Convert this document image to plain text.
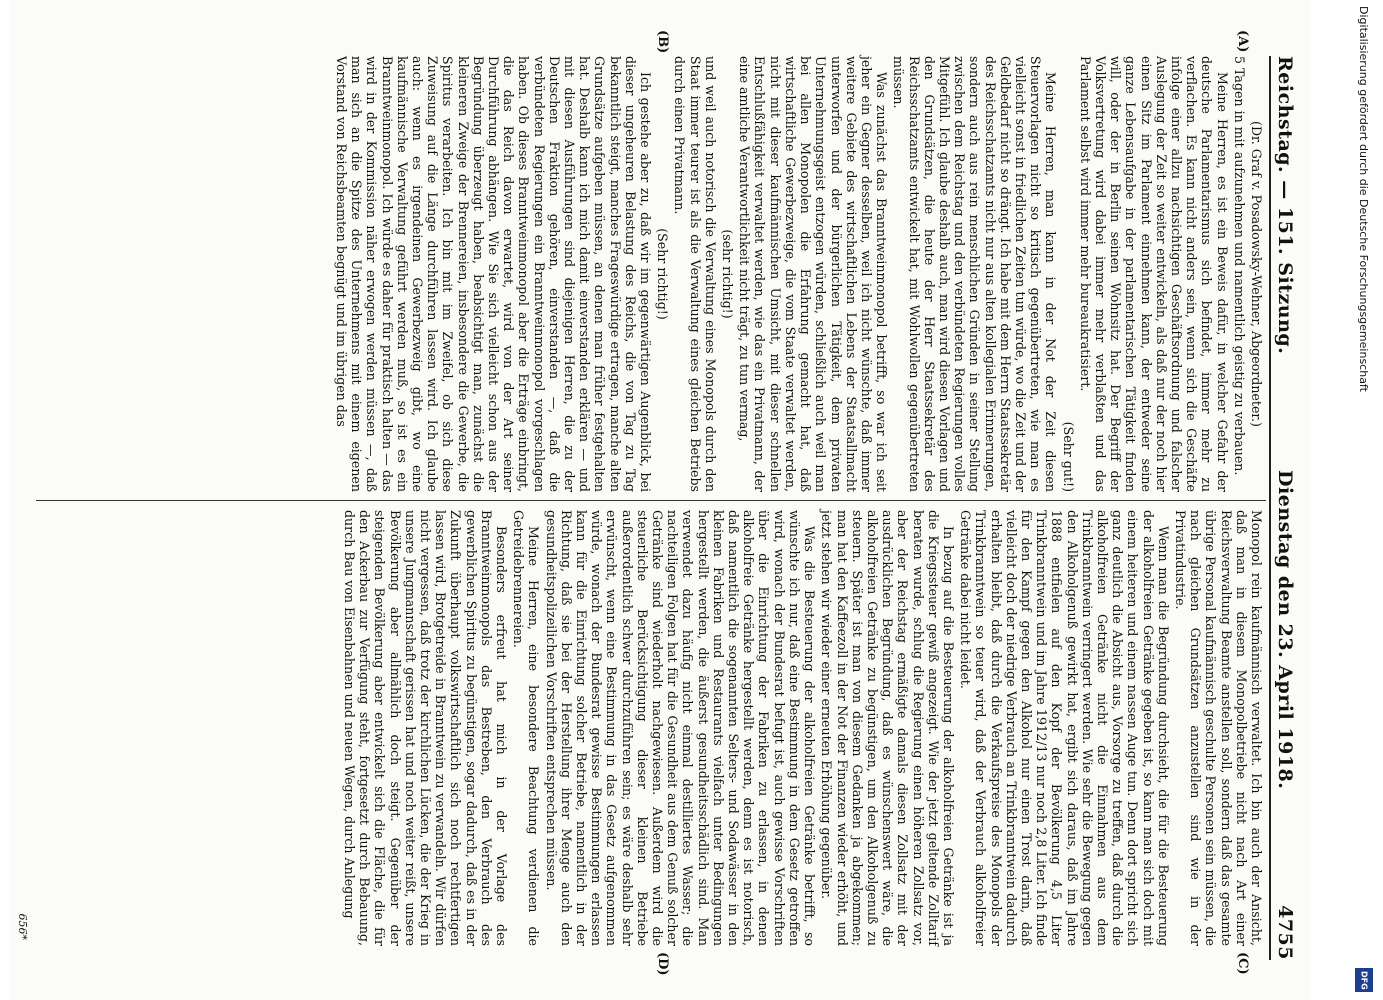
Reichstag. — 151. Sitzung.
Dienstag den 23. April 1918.
4755
(A)
(B)
(C)
(D)

(Dr. Graf v. Posadowsky-Wehner, Abgeordneter.)

5 Tagen in mit aufzunehmen und namentlich geistig zu verbauen.

Meine Herren, es ist ein Beweis dafür, in welcher Gefahr der deutsche Parlamentarismus sich befindet, immer mehr zu verflachen. Es kann nicht anders sein, wenn sich die Geschäfte infolge einer allzu nachsichtigen Geschäftsordnung und falscher Auslegung der Zeit so weiter entwickeln, als daß nur der noch hier einen Sitz im Parlament einnehmen kann, der entweder seine ganze Lebensaufgabe in der parlamentarischen Tätigkeit finden will, oder der in Berlin seinen Wohnsitz hat. Der Begriff der Volksvertretung wird dabei immer mehr verblaßten und das Parlament selbst wird immer mehr bureaukratisiert.

(Sehr gut!)

Meine Herren, man kann in der Not der Zeit diesen Steuervorlagen nicht so kritisch gegenübertreten, wie man es vielleicht sonst in friedlichen Zeiten tun würde, wo die Zeit und der Geldbedarf nicht so drängt. Ich habe mit dem Herrn Staatssekretär des Reichsschatzamts nicht nur aus alten kollegialen Erinnerungen, sondern auch aus rein menschlichen Gründen in seiner Stellung zwischen dem Reichstag und den verbündeten Regierungen volles Mitgefühl. Ich glaube deshalb auch, man wird diesen Vorlagen und den Grundsätzen, die heute der Herr Staatssekretär des Reichsschatzamts entwickelt hat, mit Wohlwollen gegenübertreten müssen.

Was zunächst das Branntweinmonopol betrifft, so war ich seit jeher ein Gegner desselben, weil ich nicht wünschte, daß immer weitere Gebiete des wirtschaftlichen Lebens der Staatsallmacht unterworfen und der bürgerlichen Tätigkeit, dem privaten Unternehmungsgeist entzogen würden, schließlich auch weil man bei allen Monopolen die Erfahrung gemacht hat, daß wirtschaftliche Gewerbezweige, die vom Staate verwaltet werden, nicht mit dieser kaufmännischen Umsicht, mit dieser schnellen Entschlußfähigkeit verwaltet werden, wie das ein Privatmann, der eine amtliche Verantwortlichkeit nicht trägt, zu tun vermag,

(sehr richtig!)

und weil auch notorisch die Verwaltung eines Monopols durch den Staat immer teurer ist als die Verwaltung eines gleichen Betriebs durch einen Privatmann.

(Sehr richtig!)

Ich gestehe aber zu, daß wir im gegenwärtigen Augenblick, bei dieser ungeheuren Belastung des Reichs, die von Tag zu Tag bekanntlich steigt, manches Frageswürdige ertragen, manche alten Grundsätze aufgeben müssen, an denen man früher festgehalten hat. Deshalb kann ich mich damit einverstanden erklären — und mit diesen Ausführungen sind diejenigen Herren, die zu der Deutschen Fraktion gehören, einverstanden —, daß die verbündeten Regierungen ein Branntweinmonopol vorgeschlagen haben. Ob dieses Branntweinmonopol aber die Erträge einbringt, die das Reich davon erwartet, wird von der Art seiner Durchführung abhängen. Wie Sie sich vielleicht schon aus der Begründung überzeugt haben, beabsichtigt man, zunächst die kleineren Zweige der Brennereien, insbesondere die Gewerbe, die Spiritus verarbeiten. Ich bin mit im Zweifel, ob sich diese Zuweisung auf die Länge durchführen lassen wird. Ich glaube auch: wenn es irgendeinen Gewerbezweig gibt, wo eine kaufmännische Verwaltung geführt werden muß, so ist es ein Branntweinmonopol. Ich würde es daher für praktisch halten — das wird in der Kommission näher erwogen werden müssen —, daß man sich an die Spitze des Unternehmens mit einem eigenen Vorstand von Reichsbeamten begnügt und im übrigen das

Monopol rein kaufmännisch verwaltet. Ich bin auch der Ansicht, daß man in diesem Monopolbetriebe nicht nach Art einer Reichsverwaltung Beamte anstellen soll, sondern daß das gesamte übrige Personal kaufmännisch geschulte Personen sein müssen, die nach gleichen Grundsätzen anzustellen sind wie in der Privatindustrie.

Wenn man die Begründung durchsieht, die für die Besteuerung der alkoholfreien Getränke gegeben ist, so kann man sich doch mit einem heiteren und einem nassen Auge tun. Denn dort spricht sich ganz deutlich die Absicht aus, Vorsorge zu treffen, daß durch die alkoholfreien Getränke nicht die Einnahmen aus dem Trinkbranntwein verringert werden. Wie sehr die Bewegung gegen den Alkoholgenuß gewirkt hat, ergibt sich daraus, daß im Jahre 1888 entfielen auf den Kopf der Bevölkerung 4,5 Liter Trinkbranntwein und im Jahre 1912/13 nur noch 2,8 Liter. Ich finde für den Kampf gegen den Alkohol nur einen Trost darin, daß vielleicht doch der niedrige Verbrauch an Trinkbranntwein dadurch erhalten bleibt, daß durch die Verkaufspreise des Monopols der Trinkbranntwein so teuer wird, daß der Verbrauch alkoholfreier Getränke dabei nicht leidet.

In bezug auf die Besteuerung der alkoholfreien Getränke ist ja die Kriegssteuer gewiß angezeigt. Wie der jetzt geltende Zolltarif beraten wurde, schlug die Regierung einen höheren Zollsatz vor, aber der Reichstag ermäßigte damals diesen Zollsatz mit der ausdrücklichen Begründung, daß es wünschenswert wäre, die alkoholfreien Getränke zu begünstigen, um den Alkoholgenuß zu steuern. Später ist man von diesem Gedanken ja abgekommen; man hat den Kaffeezoll in der Not der Finanzen wieder erhöht, und jetzt stehen wir wieder einer erneuten Erhöhung gegenüber.

Was die Besteuerung der alkoholfreien Getränke betrifft, so wünschte ich nur, daß eine Bestimmung in dem Gesetz getroffen wird, wonach der Bundesrat befugt ist, auch gewisse Vorschriften über die Einrichtung der Fabriken zu erlassen, in denen alkoholfreie Getränke hergestellt werden, denn es ist notorisch, daß namentlich die sogenannten Selters- und Sodawässer in den kleinen Fabriken und Restaurants vielfach unter Bedingungen hergestellt werden, die äußerst gesundheitsschädlich sind. Man verwendet dazu häufig nicht einmal destilliertes Wasser; die nachteiligen Folgen hat für die Gesundheit aus dem Genuß solcher Getränke sind wiederholt nachgewiesen. Außerdem wird die steuerliche Berücksichtigung dieser kleinen Betriebe außerordentlich schwer durchzuführen sein; es wäre deshalb sehr erwünscht, wenn eine Bestimmung in das Gesetz aufgenommen würde, wonach der Bundesrat gewisse Bestimmungen erlassen kann für die Einrichtung solcher Betriebe, namentlich in der Richtung, daß sie bei der Herstellung ihrer Menge auch den gesundheitspolizeilichen Vorschriften entsprechen müssen.

Meine Herren, eine besondere Beachtung verdienen die Getreidebrennereien.

Besonders erfreut hat mich in der Vorlage des Branntweinmonopols das Bestreben, den Verbrauch des gewerblichen Spiritus zu begünstigen, sogar dadurch, daß es in der Zukunft überhaupt volkswirtschaftlich sich noch rechtfertigen lassen wird, Brotgetreide in Branntwein zu verwandeln. Wir dürfen nicht vergessen, daß trotz der kirchlichen Lücken, die der Krieg in unsere Jungmannschaft gerissen hat und noch weiter reißt, unsere Bevölkerung aber allmählich doch steigt. Gegenüber der steigenden Bevölkerung aber entwickelt sich die Fläche, die für den Ackerbau zur Verfügung steht, fortgesetzt durch Bebauung, durch Bau von Eisenbahnen und neuen Wegen, durch Anlegung

656*
Digitalisierung gefördert durch die Deutsche Forschungsgemeinschaft
DFG
